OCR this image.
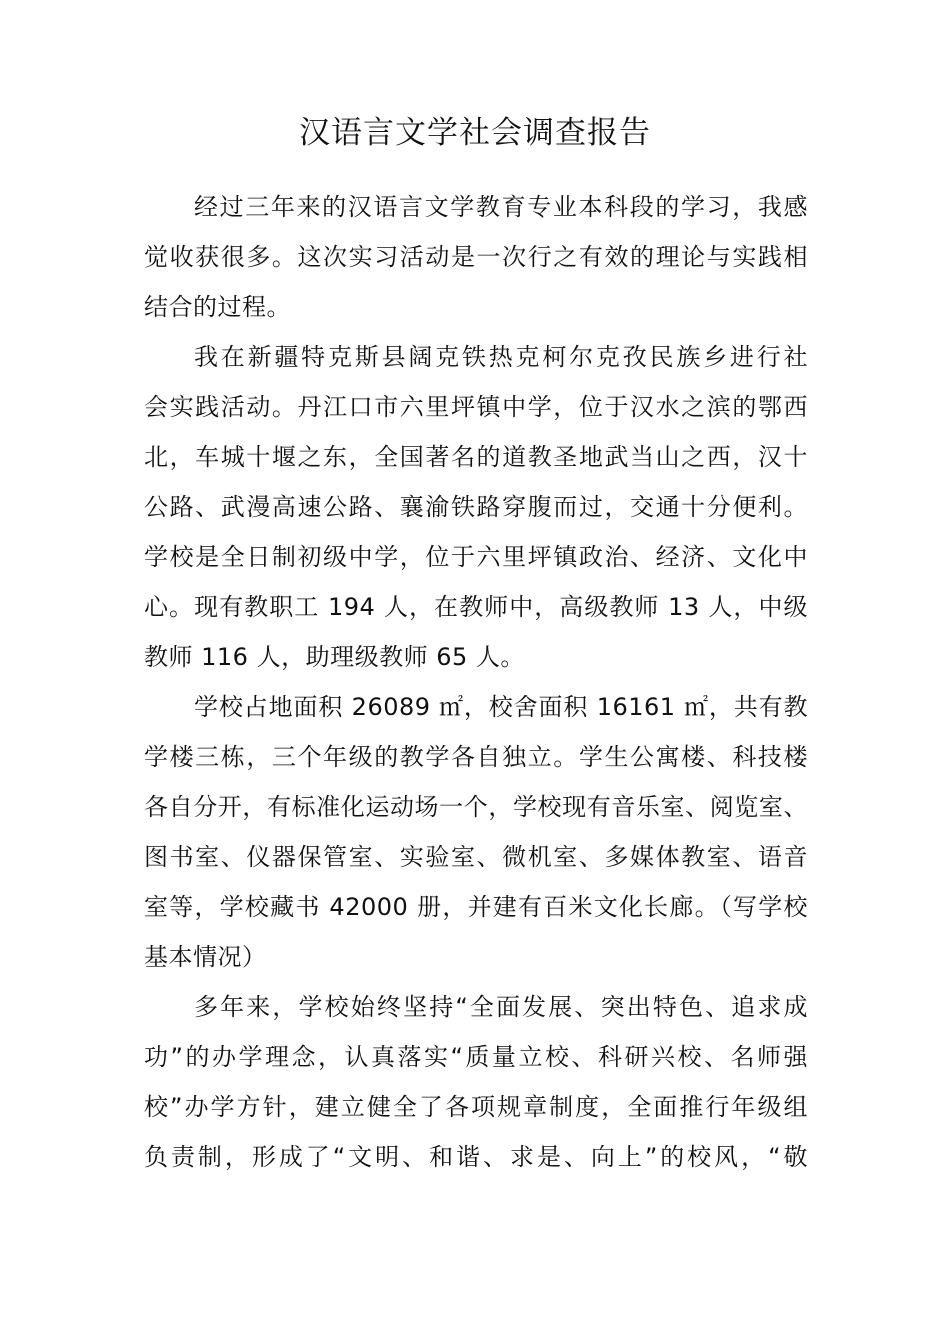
汉语言文学社会调查报告
经过三年来的汉语言文学教育专业本科段的学习，我感
觉收获很多。这次实习活动是一次行之有效的理论与实践相
结合的过程。
我在新疆特克斯县阔克铁热克柯尔克孜民族乡进行社
会实践活动。丹江口市六里坪镇中学，位于汉水之滨的鄂西
北，车城十堰之东，全国著名的道教圣地武当山之西，汉十
公路、武漫高速公路、襄渝铁路穿腹而过，交通十分便利。
学校是全日制初级中学，位于六里坪镇政治、经济、文化中
心。现有教职工 194 人，在教师中，高级教师 13 人，中级
教师 116 人，助理级教师 65 人。
学校占地面积 26089 ㎡，校舍面积 16161 ㎡，共有教
学楼三栋，三个年级的教学各自独立。学生公寓楼、科技楼
各自分开，有标准化运动场一个，学校现有音乐室、阅览室、
图书室、仪器保管室、实验室、微机室、多媒体教室、语音
室等，学校藏书 42000 册，并建有百米文化长廊。（写学校
基本情况）
多年来，学校始终坚持“全面发展、突出特色、追求成
功”的办学理念，认真落实“质量立校、科研兴校、名师强
校”办学方针，建立健全了各项规章制度，全面推行年级组
负责制，形成了“文明、和谐、求是、向上”的校风，“敬
